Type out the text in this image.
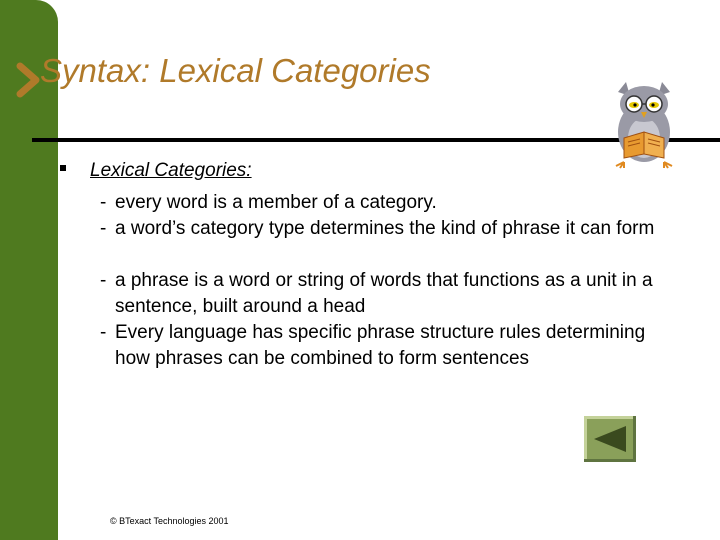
Syntax: Lexical Categories
Lexical Categories:
- every word is a member of a category.
- a word’s category type determines the kind of phrase it can form
- a phrase is a word or string of words that functions as a unit in a sentence, built around a head
- Every language has specific phrase structure rules determining how phrases can be combined to form sentences
© BTexact Technologies 2001
